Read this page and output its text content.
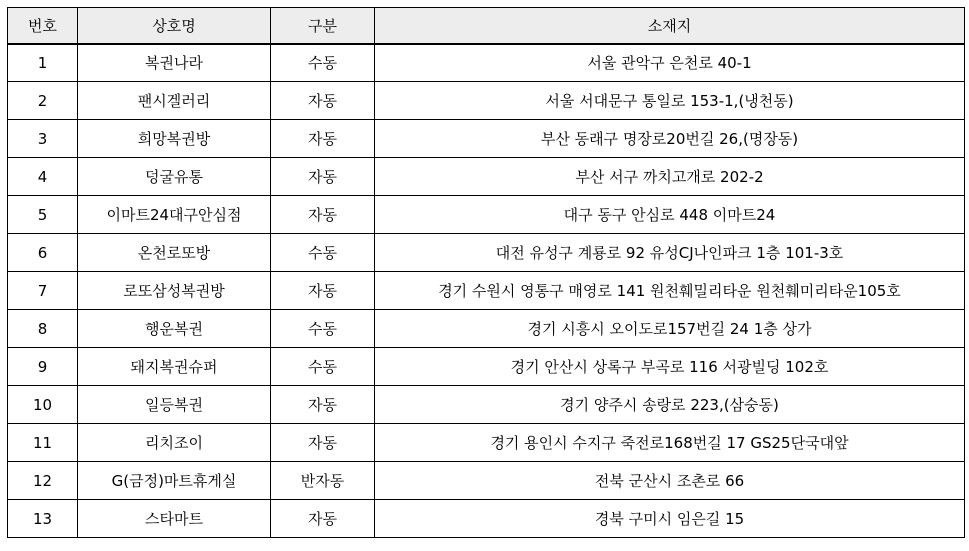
번호	상호명	구분	소재지
1	복권나라	수동	서울 관악구 은천로 40-1
2	팬시겔러리	자동	서울 서대문구 통일로 153-1,(냉천동)
3	희망복권방	자동	부산 동래구 명장로20번길 26,(명장동)
4	덩굴유통	자동	부산 서구 까치고개로 202-2
5	이마트24대구안심점	자동	대구 동구 안심로 448 이마트24
6	온천로또방	수동	대전 유성구 계룡로 92 유성CJ나인파크 1층 101-3호
7	로또삼성복권방	자동	경기 수원시 영통구 매영로 141 원천훼밀리타운 원천훼미리타운105호
8	행운복권	수동	경기 시흥시 오이도로157번길 24 1층 상가
9	돼지복권슈퍼	수동	경기 안산시 상록구 부곡로 116 서광빌딩 102호
10	일등복권	자동	경기 양주시 송랑로 223,(삼숭동)
11	리치조이	자동	경기 용인시 수지구 죽전로168번길 17 GS25단국대앞
12	G(금정)마트휴게실	반자동	전북 군산시 조촌로 66
13	스타마트	자동	경북 구미시 임은길 15
